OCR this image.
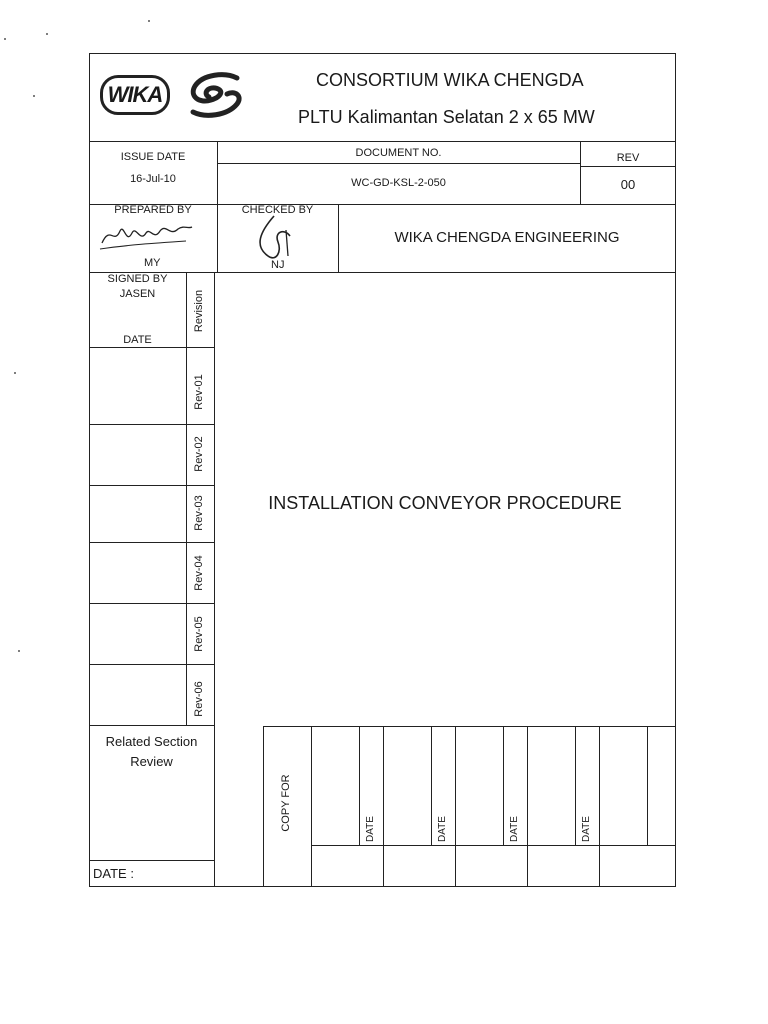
WIKA
CONSORTIUM WIKA CHENGDA
PLTU Kalimantan Selatan 2 x 65 MW
ISSUE DATE
16-Jul-10
DOCUMENT NO.
WC-GD-KSL-2-050
REV
00
PREPARED BY
MY
CHECKED BY
NJ
WIKA CHENGDA ENGINEERING
SIGNED BY
JASEN
DATE
Revision
Rev-01
Rev-02
Rev-03
Rev-04
Rev-05
Rev-06
INSTALLATION CONVEYOR PROCEDURE
Related Section
Review
DATE :
COPY FOR	DATE	DATE	DATE	DATE
